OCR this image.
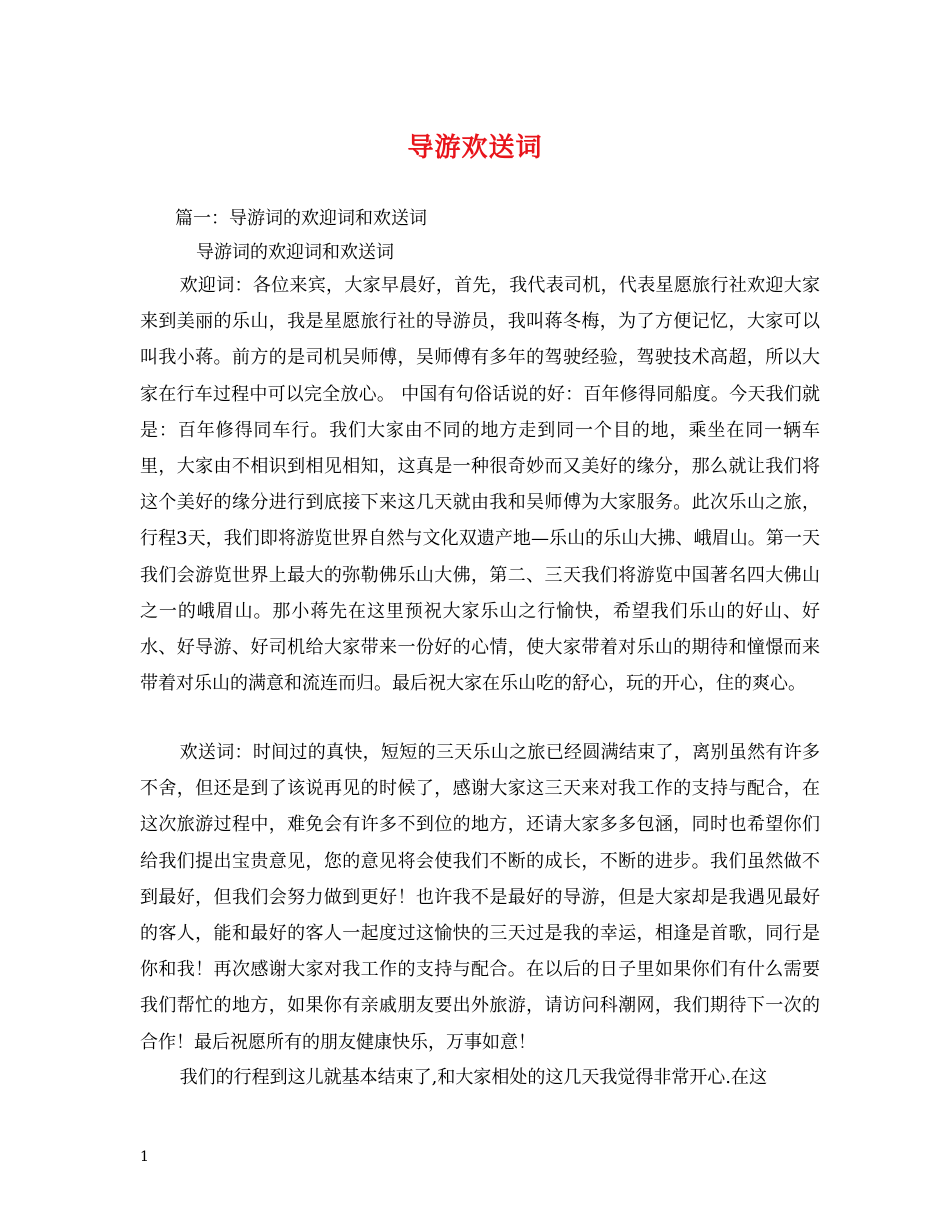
导游欢送词
篇一：导游词的欢迎词和欢送词
导游词的欢迎词和欢送词

欢迎词：各位来宾，大家早晨好，首先，我代表司机，代表星愿旅行社欢迎大家来到美丽的乐山，我是星愿旅行社的导游员，我叫蒋冬梅，为了方便记忆，大家可以叫我小蒋。前方的是司机吴师傅，吴师傅有多年的驾驶经验，驾驶技术高超，所以大家在行车过程中可以完全放心。 中国有句俗话说的好：百年修得同船度。今天我们就是：百年修得同车行。我们大家由不同的地方走到同一个目的地，乘坐在同一辆车里，大家由不相识到相见相知，这真是一种很奇妙而又美好的缘分，那么就让我们将这个美好的缘分进行到底接下来这几天就由我和吴师傅为大家服务。此次乐山之旅，行程3天，我们即将游览世界自然与文化双遗产地—乐山的乐山大拂、峨眉山。第一天我们会游览世界上最大的弥勒佛乐山大佛，第二、三天我们将游览中国著名四大佛山之一的峨眉山。那小蒋先在这里预祝大家乐山之行愉快，希望我们乐山的好山、好水、好导游、好司机给大家带来一份好的心情，使大家带着对乐山的期待和憧憬而来带着对乐山的满意和流连而归。最后祝大家在乐山吃的舒心，玩的开心，住的爽心。

欢送词：时间过的真快，短短的三天乐山之旅已经圆满结束了，离别虽然有许多不舍，但还是到了该说再见的时候了，感谢大家这三天来对我工作的支持与配合，在这次旅游过程中，难免会有许多不到位的地方，还请大家多多包涵，同时也希望你们给我们提出宝贵意见，您的意见将会使我们不断的成长，不断的进步。我们虽然做不到最好，但我们会努力做到更好！也许我不是最好的导游，但是大家却是我遇见最好的客人，能和最好的客人一起度过这愉快的三天过是我的幸运，相逢是首歌，同行是你和我！再次感谢大家对我工作的支持与配合。在以后的日子里如果你们有什么需要我们帮忙的地方，如果你有亲戚朋友要出外旅游，请访问科潮网，我们期待下一次的合作！最后祝愿所有的朋友健康快乐，万事如意！

我们的行程到这儿就基本结束了,和大家相处的这几天我觉得非常开心.在这

1
